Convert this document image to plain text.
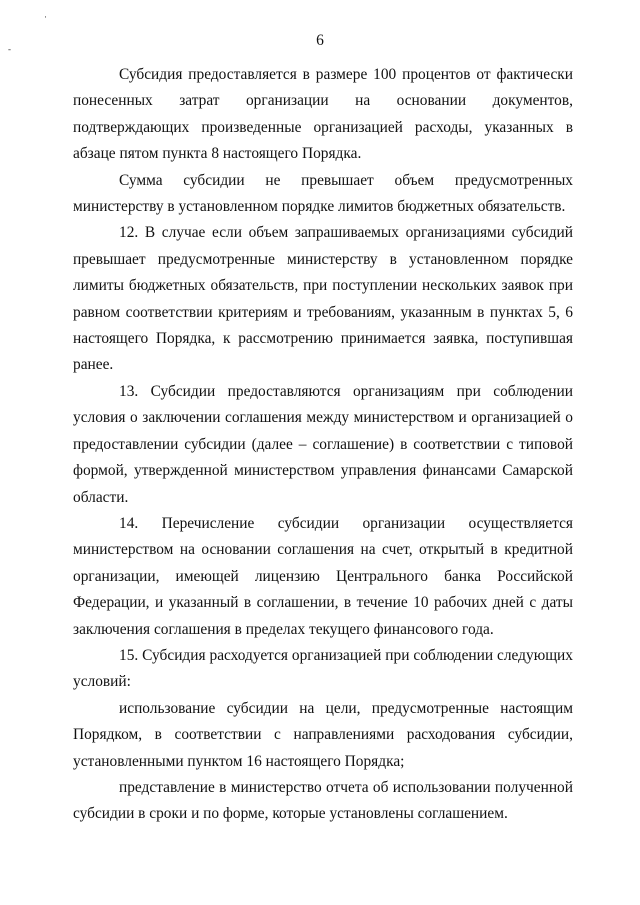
6

Субсидия предоставляется в размере 100 процентов от фактически понесенных затрат организации на основании документов, подтверждающих произведенные организацией расходы, указанных в абзаце пятом пункта 8 настоящего Порядка.

Сумма субсидии не превышает объем предусмотренных министерству в установленном порядке лимитов бюджетных обязательств.

12. В случае если объем запрашиваемых организациями субсидий превышает предусмотренные министерству в установленном порядке лимиты бюджетных обязательств, при поступлении нескольких заявок при равном соответствии критериям и требованиям, указанным в пунктах 5, 6 настоящего Порядка, к рассмотрению принимается заявка, поступившая ранее.

13. Субсидии предоставляются организациям при соблюдении условия о заключении соглашения между министерством и организацией о предоставлении субсидии (далее – соглашение) в соответствии с типовой формой, утвержденной министерством управления финансами Самарской области.

14. Перечисление субсидии организации осуществляется министерством на основании соглашения на счет, открытый в кредитной организации, имеющей лицензию Центрального банка Российской Федерации, и указанный в соглашении, в течение 10 рабочих дней с даты заключения соглашения в пределах текущего финансового года.

15. Субсидия расходуется организацией при соблюдении следующих условий:

использование субсидии на цели, предусмотренные настоящим Порядком, в соответствии с направлениями расходования субсидии, установленными пунктом 16 настоящего Порядка;

представление в министерство отчета об использовании полученной субсидии в сроки и по форме, которые установлены соглашением.

·
-
